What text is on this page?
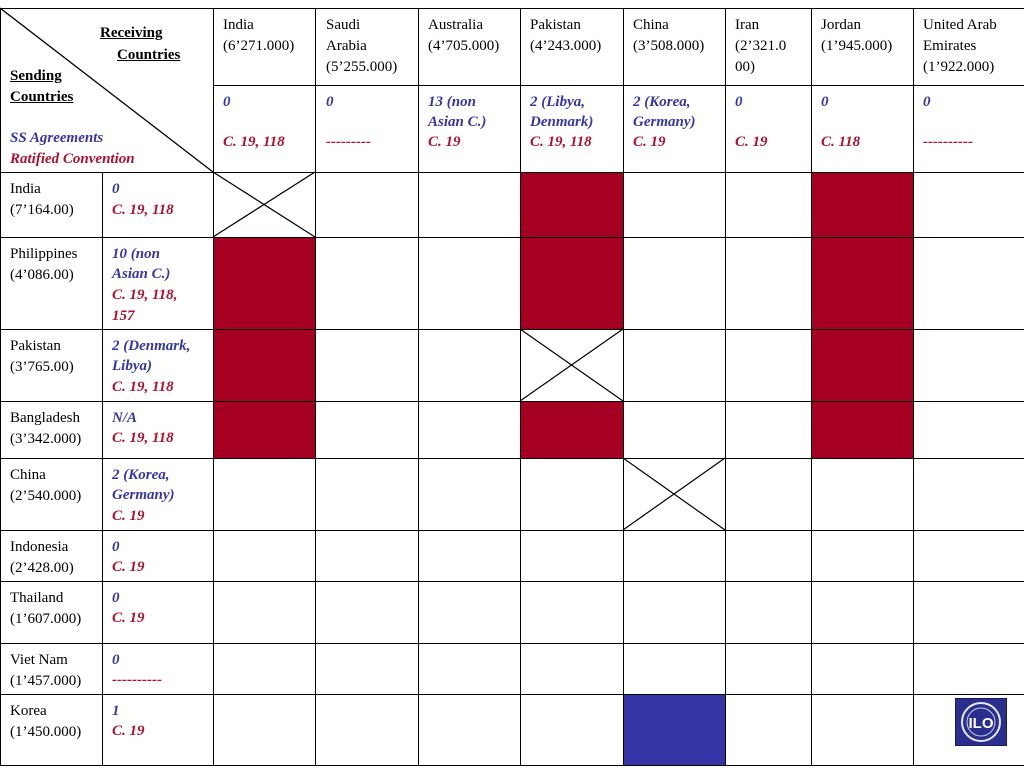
Receiving
Countries
Sending
Countries
SS Agreements
Ratified Convention
India
(6’271.000)
0
C. 19, 118
Saudi
Arabia
(5’255.000)
0
---------
Australia
(4’705.000)
13 (non
Asian C.)
C. 19
Pakistan
(4’243.000)
2 (Libya,
Denmark)
C. 19, 118
China
(3’508.000)
2 (Korea,
Germany)
C. 19
Iran
(2’321.0
00)
0
C. 19
Jordan
(1’945.000)
0
C. 118
United Arab
Emirates
(1’922.000)
0
----------
India
(7’164.00)
0
C. 19, 118
Philippines
(4’086.00)
10 (non
Asian C.)
C. 19, 118,
157
Pakistan
(3’765.00)
2 (Denmark,
Libya)
C. 19, 118
Bangladesh
(3’342.000)
N/A
C. 19, 118
China
(2’540.000)
2 (Korea,
Germany)
C. 19
Indonesia
(2’428.00)
0
C. 19
Thailand
(1’607.000)
0
C. 19
Viet Nam
(1’457.000)
0
----------
Korea
(1’450.000)
1
C. 19	ILO
